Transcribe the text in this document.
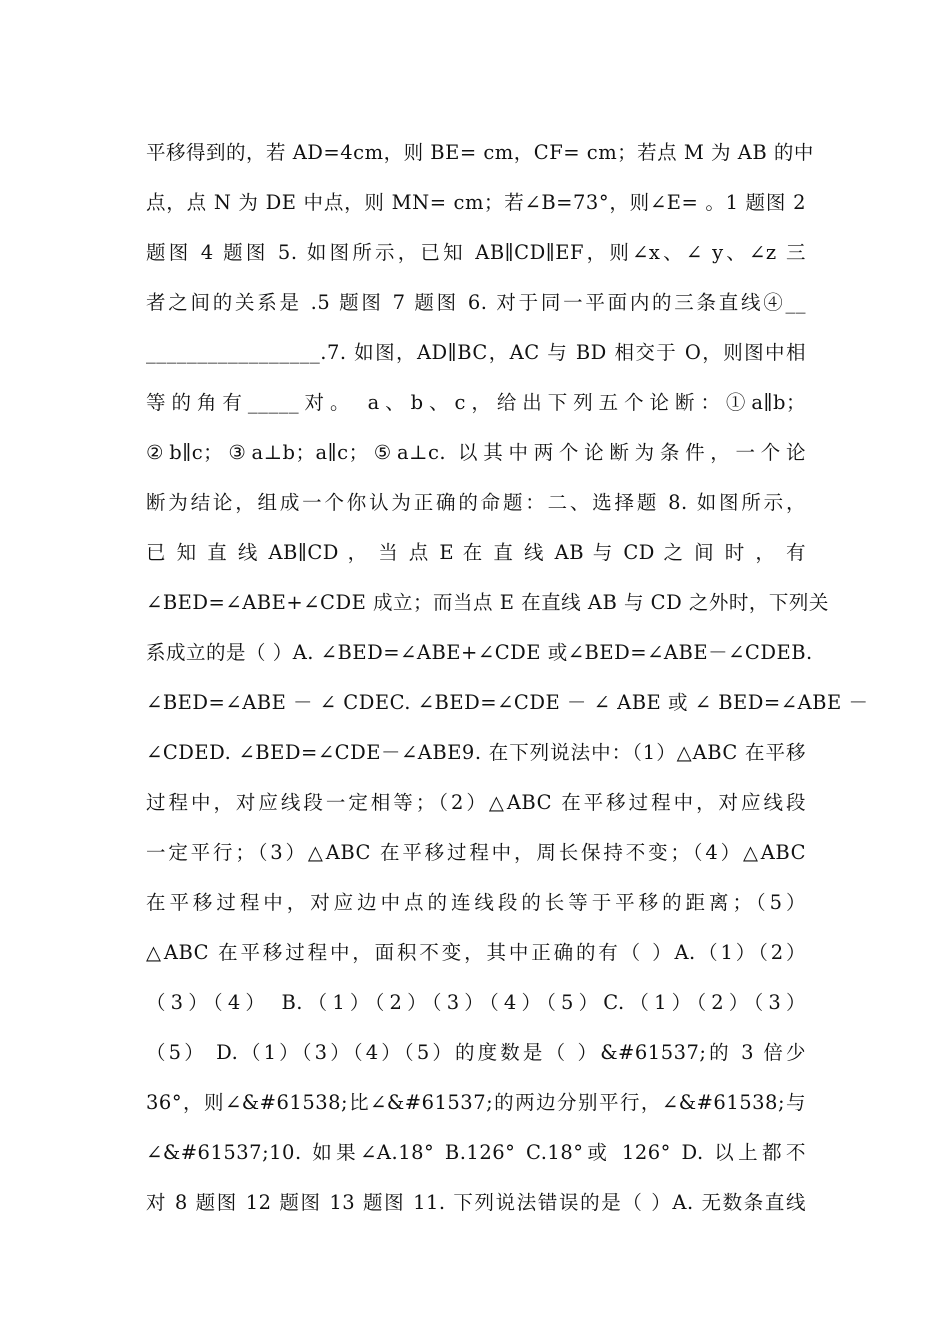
平移得到的，若 AD=4cm，则 BE= cm，CF= cm；若点 M 为 AB 的中
点，点 N 为 DE 中点，则 MN= cm；若∠B=73°，则∠E= 。1 题图 2
题图 4 题图 5. 如图所示，已知 AB∥CD∥EF，则∠x、∠ y、∠z 三
者之间的关系是 .5 题图 7 题图 6. 对于同一平面内的三条直线④__
_________________.7. 如图，AD∥BC，AC 与 BD 相交于 O，则图中相
等的角有_____对。 a、b、c，给出下列五个论断：①a∥b；
②b∥c；③a⊥b；a∥c；⑤a⊥c. 以其中两个论断为条件，一个论
断为结论，组成一个你认为正确的命题：二、选择题 8. 如图所示，
已 知 直 线 AB∥CD ， 当 点 E 在 直 线 AB 与 CD 之 间 时 ， 有
∠BED=∠ABE+∠CDE 成立；而当点 E 在直线 AB 与 CD 之外时，下列关
系成立的是（ ）A. ∠BED=∠ABE+∠CDE 或∠BED=∠ABE－∠CDEB.
∠BED=∠ABE － ∠ CDEC. ∠BED=∠CDE － ∠ ABE 或 ∠ BED=∠ABE －
∠CDED. ∠BED=∠CDE－∠ABE9. 在下列说法中：（1）△ABC 在平移
过程中，对应线段一定相等；（2）△ABC 在平移过程中，对应线段
一定平行；（3）△ABC 在平移过程中，周长保持不变；（4）△ABC
在平移过程中，对应边中点的连线段的长等于平移的距离；（5）
△ABC 在平移过程中，面积不变，其中正确的有（ ）A.（1）（2）
（3）（4） B.（1）（2）（3）（4）（5）C.（1）（2）（3）
（5） D.（1）（3）（4）（5）的度数是（ ）&#61537;的 3 倍少
36°，则∠&#61538;比∠&#61537;的两边分别平行，∠&#61538;与
∠&#61537;10. 如果∠A.18° B.126° C.18°或 126° D. 以上都不
对 8 题图 12 题图 13 题图 11. 下列说法错误的是（ ）A. 无数条直线
